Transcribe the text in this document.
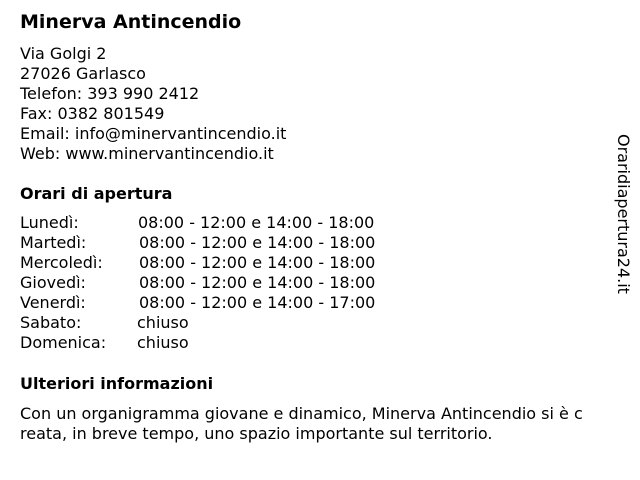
Minerva Antincendio
Via Golgi 2
27026 Garlasco
Telefon: 393 990 2412
Fax: 0382 801549
Email: info@minervantincendio.it
Web: www.minervantincendio.it
Orari di apertura
Lunedì:	08:00 - 12:00 e 14:00 - 18:00
Martedì:	08:00 - 12:00 e 14:00 - 18:00
Mercoledì: 08:00 - 12:00 e 14:00 - 18:00
Giovedì:	08:00 - 12:00 e 14:00 - 18:00
Venerdì:	08:00 - 12:00 e 14:00 - 17:00
Sabato:	chiuso
Domenica: chiuso
Ulteriori informazioni
Con un organigramma giovane e dinamico, Minerva Antincendio si è c
reata, in breve tempo, uno spazio importante sul territorio.
Oraridiapertura24.it
